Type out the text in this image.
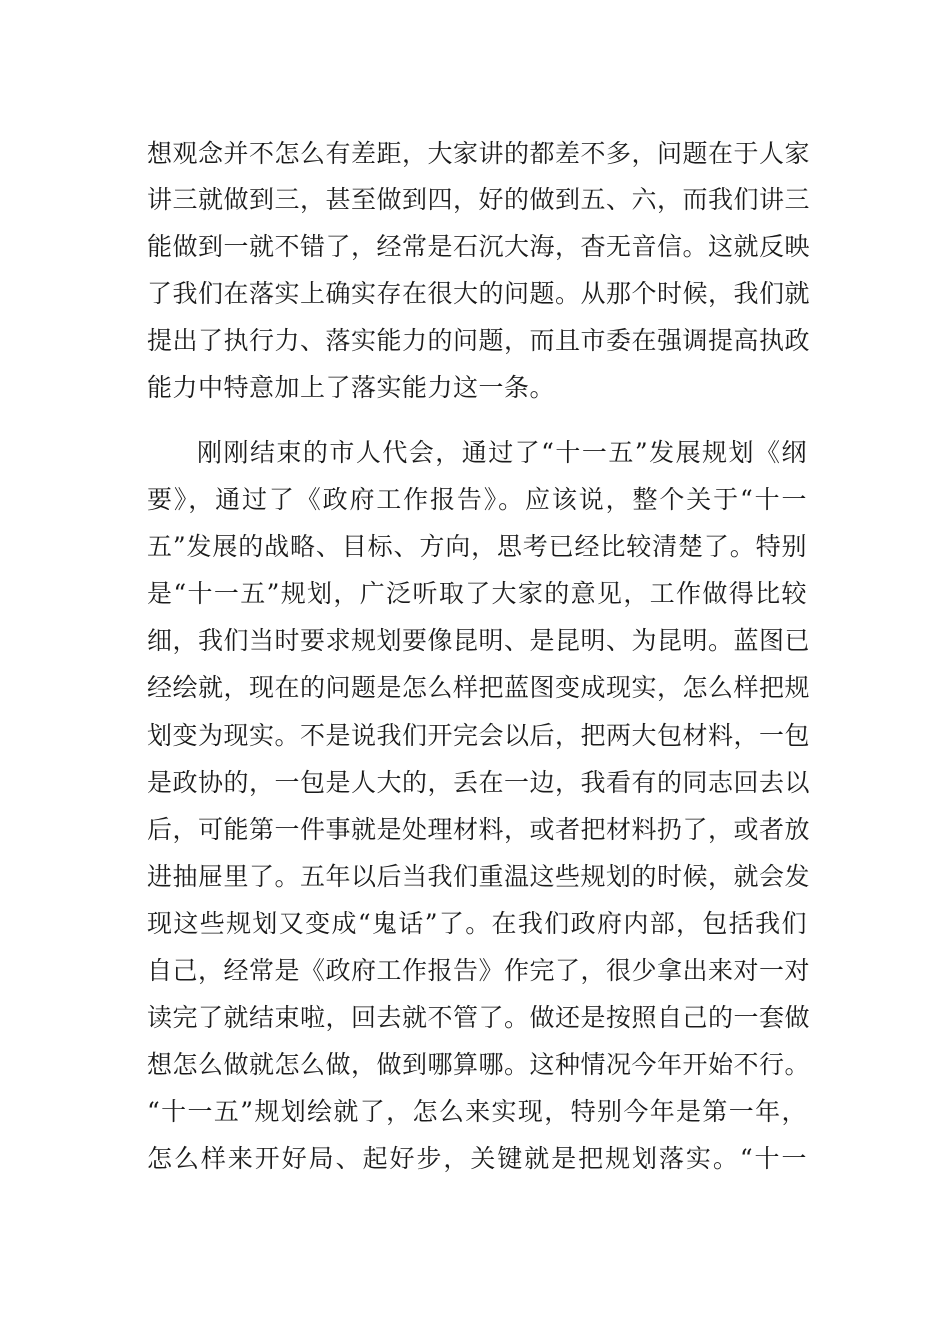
想观念并不怎么有差距，大家讲的都差不多，问题在于人家
讲三就做到三，甚至做到四，好的做到五、六，而我们讲三
能做到一就不错了，经常是石沉大海，杳无音信。这就反映
了我们在落实上确实存在很大的问题。从那个时候，我们就
提出了执行力、落实能力的问题，而且市委在强调提高执政
能力中特意加上了落实能力这一条。
刚刚结束的市人代会，通过了“十一五”发展规划《纲
要》，通过了《政府工作报告》。应该说，整个关于“十一
五”发展的战略、目标、方向，思考已经比较清楚了。特别
是“十一五”规划，广泛听取了大家的意见，工作做得比较
细，我们当时要求规划要像昆明、是昆明、为昆明。蓝图已
经绘就，现在的问题是怎么样把蓝图变成现实，怎么样把规
划变为现实。不是说我们开完会以后，把两大包材料，一包
是政协的，一包是人大的，丢在一边，我看有的同志回去以
后，可能第一件事就是处理材料，或者把材料扔了，或者放
进抽屉里了。五年以后当我们重温这些规划的时候，就会发
现这些规划又变成“鬼话”了。在我们政府内部，包括我们
自己，经常是《政府工作报告》作完了，很少拿出来对一对
读完了就结束啦，回去就不管了。做还是按照自己的一套做
想怎么做就怎么做，做到哪算哪。这种情况今年开始不行。
“十一五”规划绘就了，怎么来实现，特别今年是第一年，
怎么样来开好局、起好步，关键就是把规划落实。“十一
